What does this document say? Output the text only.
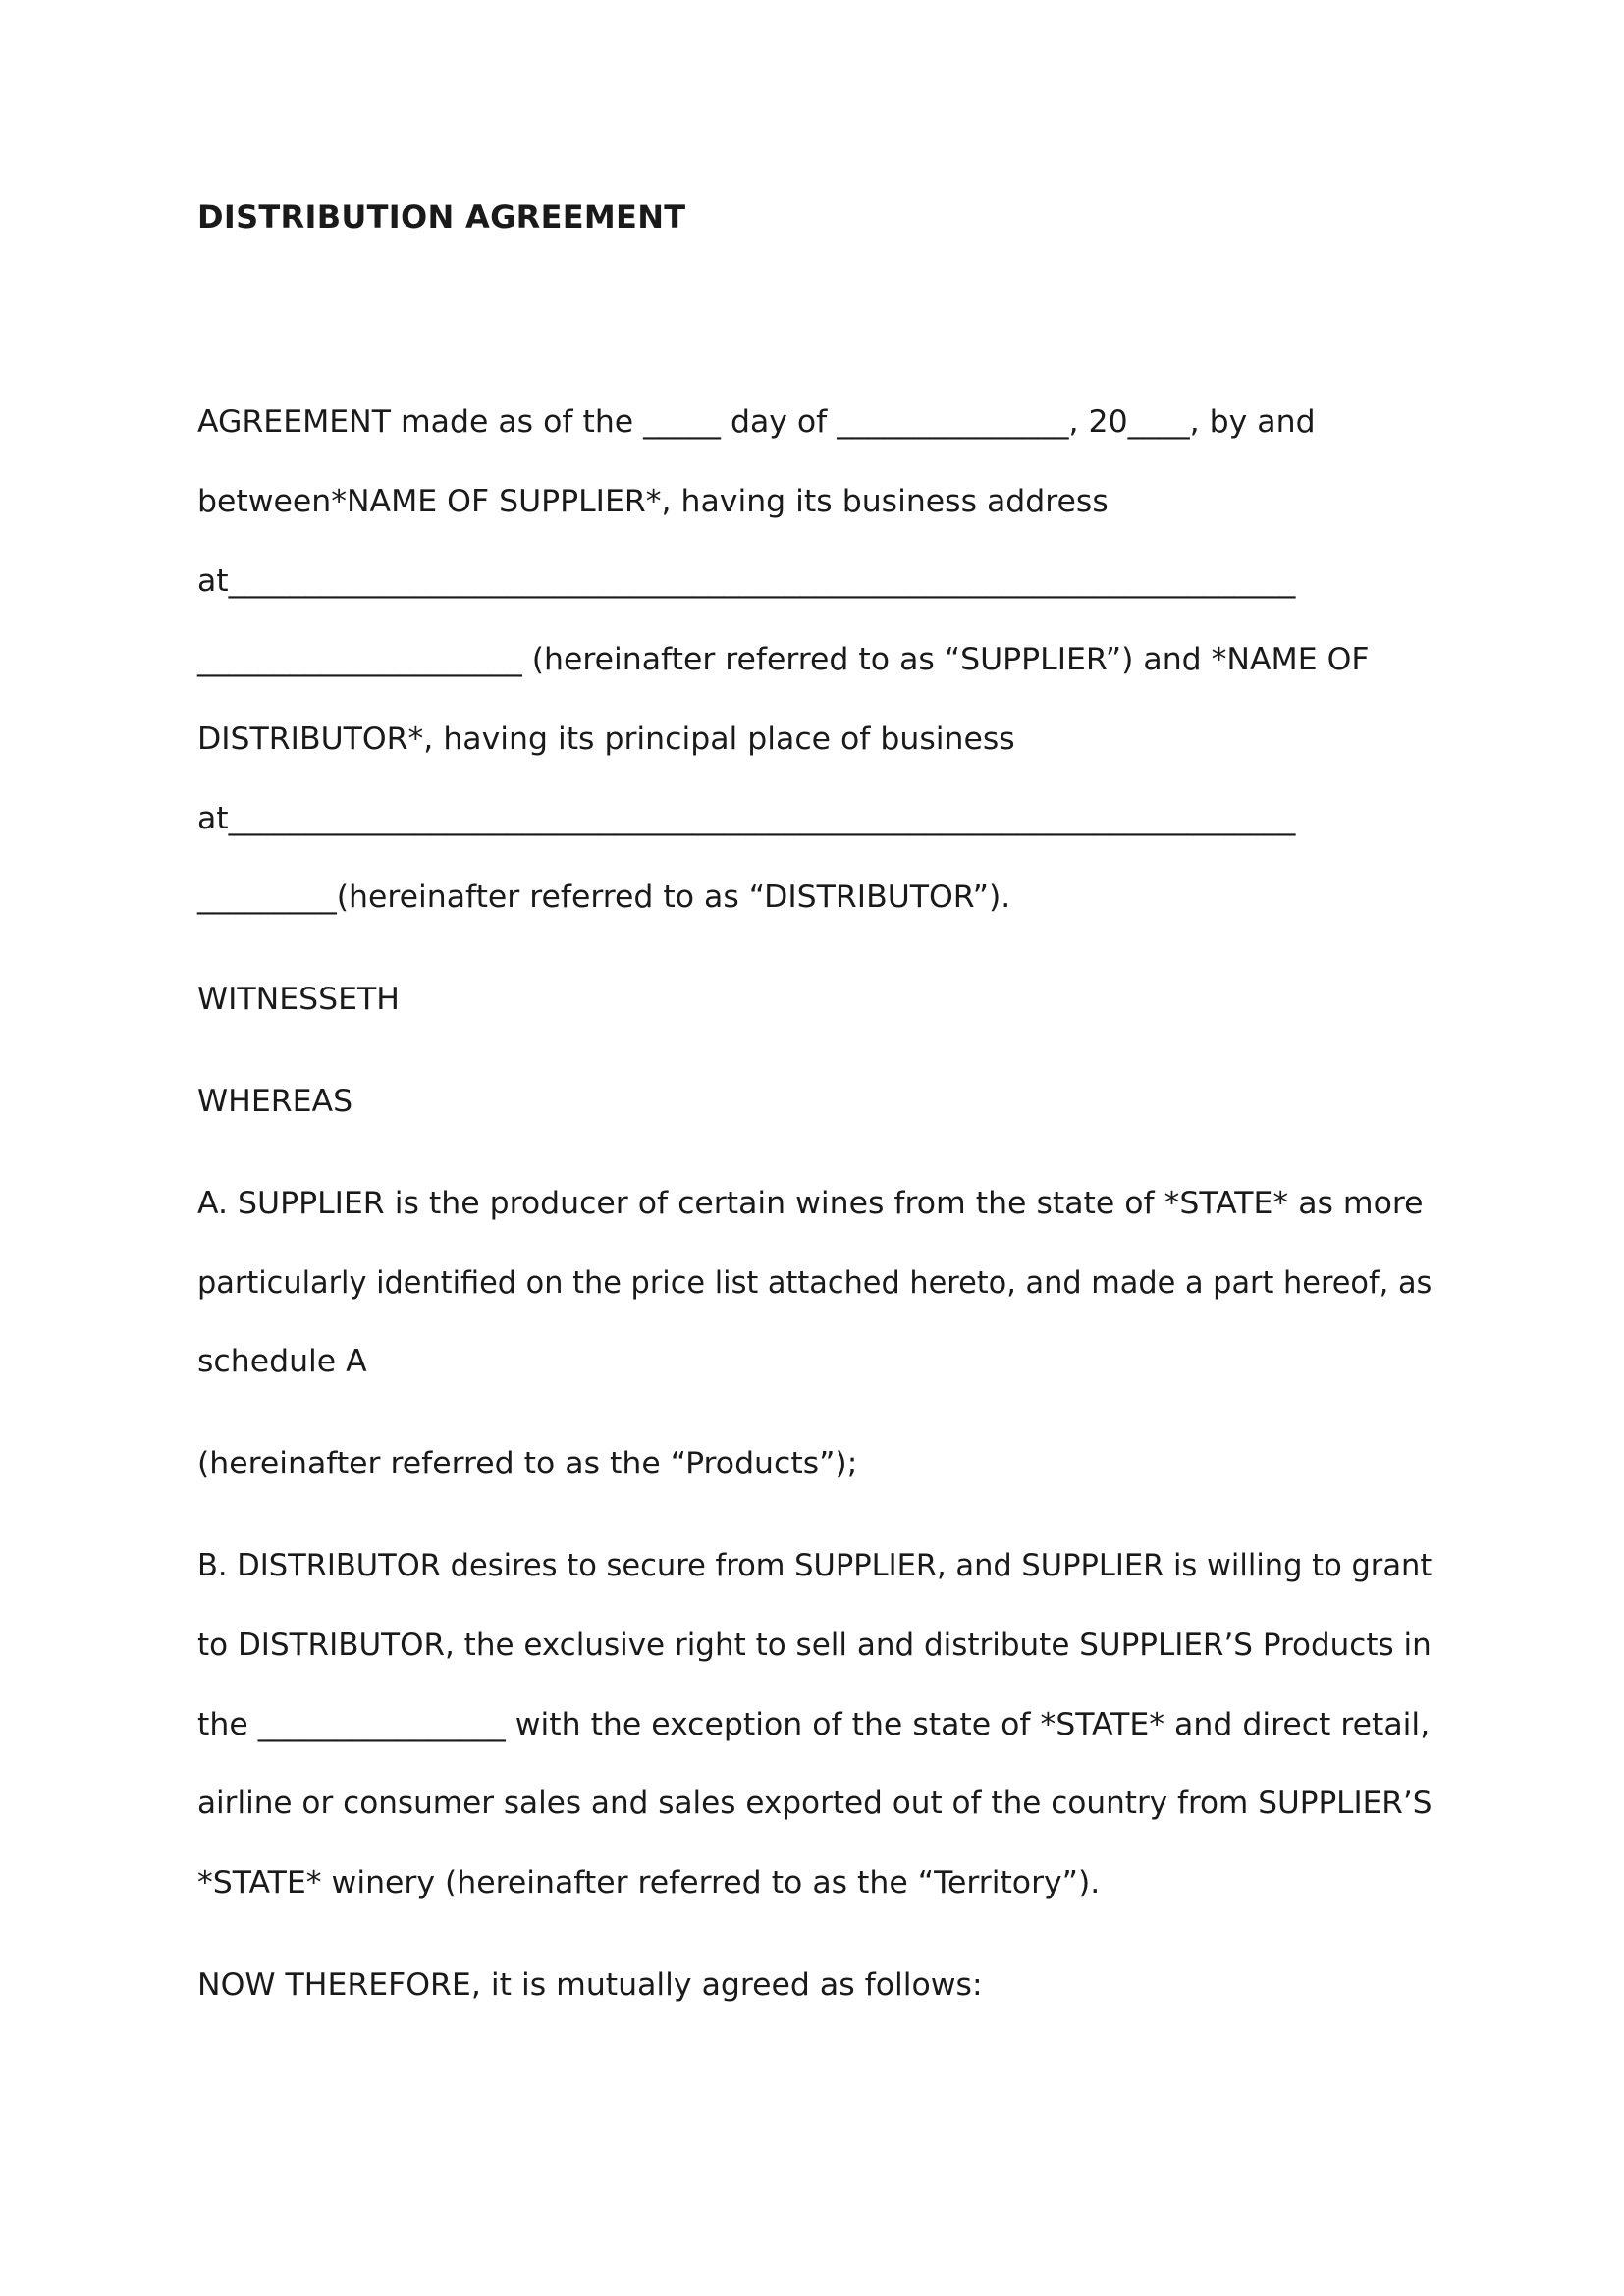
DISTRIBUTION AGREEMENT
AGREEMENT made as of the _____ day of _______________, 20____, by and
between*NAME OF SUPPLIER*, having its business address
at_____________________________________________________________________
_____________________ (hereinafter referred to as “SUPPLIER”) and *NAME OF
DISTRIBUTOR*, having its principal place of business
at_____________________________________________________________________
_________(hereinafter referred to as “DISTRIBUTOR”).
WITNESSETH
WHEREAS
A. SUPPLIER is the producer of certain wines from the state of *STATE* as more
particularly identified on the price list attached hereto, and made a part hereof, as
schedule A
(hereinafter referred to as the “Products”);
B. DISTRIBUTOR desires to secure from SUPPLIER, and SUPPLIER is willing to grant
to DISTRIBUTOR, the exclusive right to sell and distribute SUPPLIER’S Products in
the ________________ with the exception of the state of *STATE* and direct retail,
airline or consumer sales and sales exported out of the country from SUPPLIER’S
*STATE* winery (hereinafter referred to as the “Territory”).
NOW THEREFORE, it is mutually agreed as follows:
